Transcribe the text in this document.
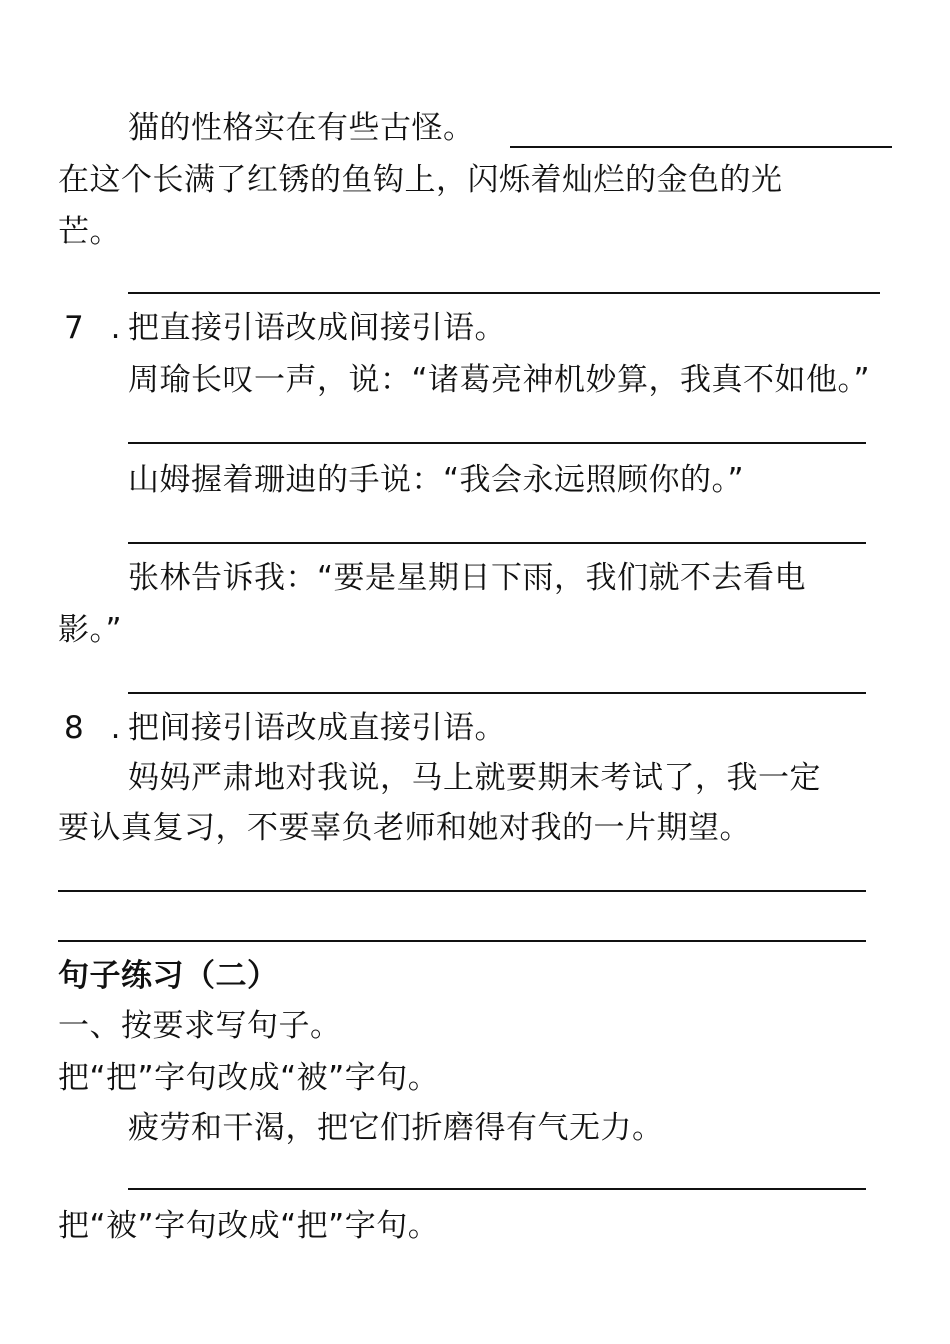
猫的性格实在有些古怪。
在这个长满了红锈的鱼钩上，闪烁着灿烂的金色的光
芒。
7 . 把直接引语改成间接引语。
周瑜长叹一声，说：“诸葛亮神机妙算，我真不如他。”
山姆握着珊迪的手说：“我会永远照顾你的。”
张林告诉我：“要是星期日下雨，我们就不去看电
影。”
8 . 把间接引语改成直接引语。
妈妈严肃地对我说，马上就要期末考试了，我一定
要认真复习，不要辜负老师和她对我的一片期望。
句子练习（二）
一、按要求写句子。
把“把”字句改成“被”字句。
疲劳和干渴，把它们折磨得有气无力。
把“被”字句改成“把”字句。
